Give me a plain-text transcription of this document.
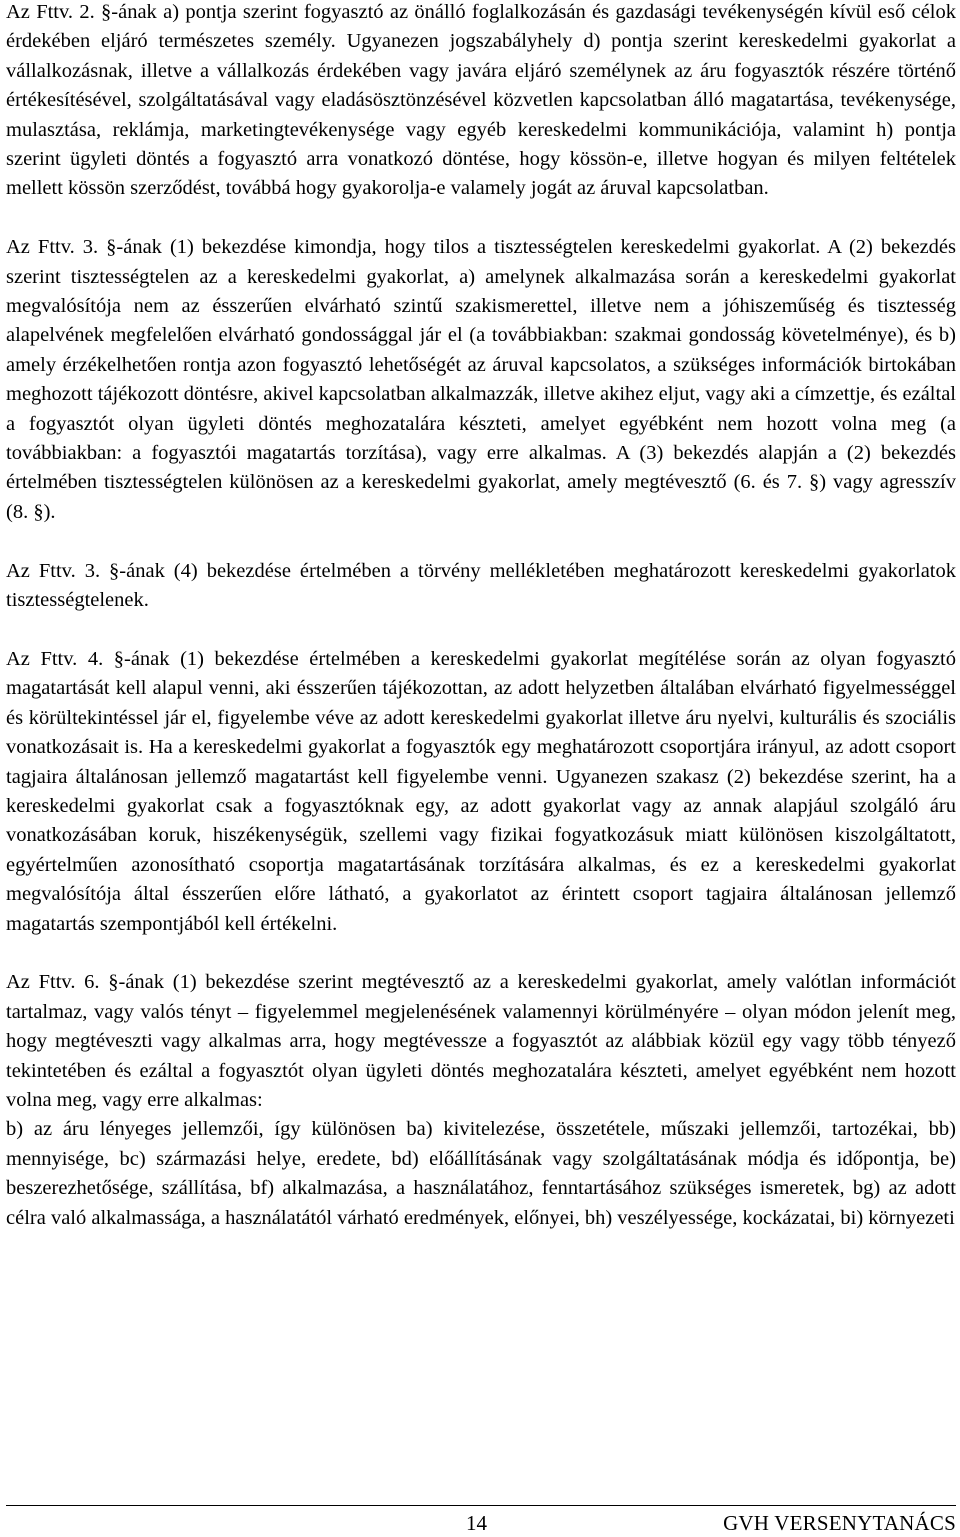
Az Fttv. 2. §-ának a) pontja szerint fogyasztó az önálló foglalkozásán és gazdasági tevékenységén kívül eső célok érdekében eljáró természetes személy. Ugyanezen jogszabályhely d) pontja szerint kereskedelmi gyakorlat a vállalkozásnak, illetve a vállalkozás érdekében vagy javára eljáró személynek az áru fogyasztók részére történő értékesítésével, szolgáltatásával vagy eladásösztönzésével közvetlen kapcsolatban álló magatartása, tevékenysége, mulasztása, reklámja, marketingtevékenysége vagy egyéb kereskedelmi kommunikációja, valamint h) pontja szerint ügyleti döntés a fogyasztó arra vonatkozó döntése, hogy kössön-e, illetve hogyan és milyen feltételek mellett kössön szerződést, továbbá hogy gyakorolja-e valamely jogát az áruval kapcsolatban.

Az Fttv. 3. §-ának (1) bekezdése kimondja, hogy tilos a tisztességtelen kereskedelmi gyakorlat. A (2) bekezdés szerint tisztességtelen az a kereskedelmi gyakorlat, a) amelynek alkalmazása során a kereskedelmi gyakorlat megvalósítója nem az ésszerűen elvárható szintű szakismerettel, illetve nem a jóhiszeműség és tisztesség alapelvének megfelelően elvárható gondossággal jár el (a továbbiakban: szakmai gondosság követelménye), és b) amely érzékelhetően rontja azon fogyasztó lehetőségét az áruval kapcsolatos, a szükséges információk birtokában meghozott tájékozott döntésre, akivel kapcsolatban alkalmazzák, illetve akihez eljut, vagy aki a címzettje, és ezáltal a fogyasztót olyan ügyleti döntés meghozatalára készteti, amelyet egyébként nem hozott volna meg (a továbbiakban: a fogyasztói magatartás torzítása), vagy erre alkalmas. A (3) bekezdés alapján a (2) bekezdés értelmében tisztességtelen különösen az a kereskedelmi gyakorlat, amely megtévesztő (6. és 7. §) vagy agresszív (8. §).

Az Fttv. 3. §-ának (4) bekezdése értelmében a törvény mellékletében meghatározott kereskedelmi gyakorlatok tisztességtelenek.

Az Fttv. 4. §-ának (1) bekezdése értelmében a kereskedelmi gyakorlat megítélése során az olyan fogyasztó magatartását kell alapul venni, aki ésszerűen tájékozottan, az adott helyzetben általában elvárható figyelmességgel és körültekintéssel jár el, figyelembe véve az adott kereskedelmi gyakorlat illetve áru nyelvi, kulturális és szociális vonatkozásait is. Ha a kereskedelmi gyakorlat a fogyasztók egy meghatározott csoportjára irányul, az adott csoport tagjaira általánosan jellemző magatartást kell figyelembe venni. Ugyanezen szakasz (2) bekezdése szerint, ha a kereskedelmi gyakorlat csak a fogyasztóknak egy, az adott gyakorlat vagy az annak alapjául szolgáló áru vonatkozásában koruk, hiszékenységük, szellemi vagy fizikai fogyatkozásuk miatt különösen kiszolgáltatott, egyértelműen azonosítható csoportja magatartásának torzítására alkalmas, és ez a kereskedelmi gyakorlat megvalósítója által ésszerűen előre látható, a gyakorlatot az érintett csoport tagjaira általánosan jellemző magatartás szempontjából kell értékelni.

Az Fttv. 6. §-ának (1) bekezdése szerint megtévesztő az a kereskedelmi gyakorlat, amely valótlan információt tartalmaz, vagy valós tényt – figyelemmel megjelenésének valamennyi körülményére – olyan módon jelenít meg, hogy megtéveszti vagy alkalmas arra, hogy megtévessze a fogyasztót az alábbiak közül egy vagy több tényező tekintetében és ezáltal a fogyasztót olyan ügyleti döntés meghozatalára készteti, amelyet egyébként nem hozott volna meg, vagy erre alkalmas:

b) az áru lényeges jellemzői, így különösen ba) kivitelezése, összetétele, műszaki jellemzői, tartozékai, bb) mennyisége, bc) származási helye, eredete, bd) előállításának vagy szolgáltatásának módja és időpontja, be) beszerezhetősége, szállítása, bf) alkalmazása, a használatához, fenntartásához szükséges ismeretek, bg) az adott célra való alkalmassága, a használatától várható eredmények, előnyei, bh) veszélyessége, kockázatai, bi) környezeti

14	GVH VERSENYTANÁCS
